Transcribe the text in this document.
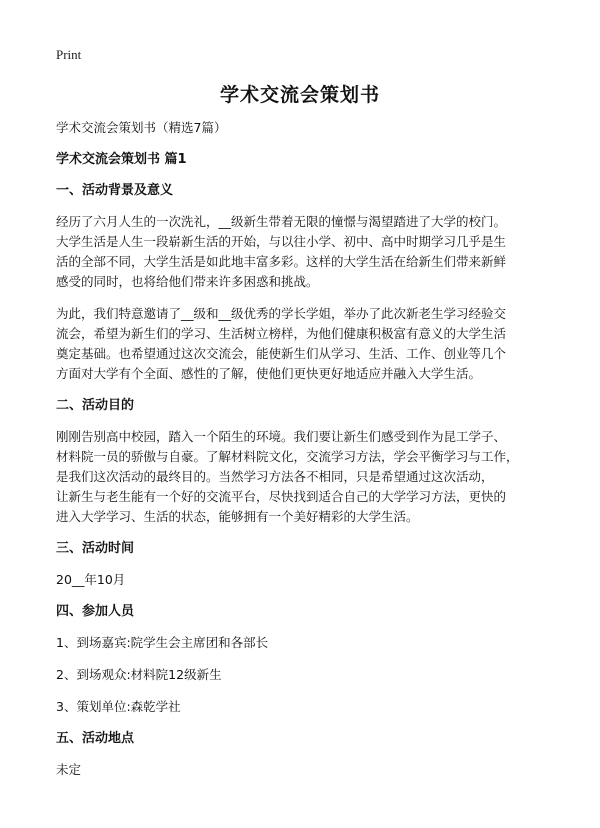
Print
学术交流会策划书
学术交流会策划书（精选7篇）
学术交流会策划书 篇1
一、活动背景及意义
经历了六月人生的一次洗礼，__级新生带着无限的憧憬与渴望踏进了大学的校门。
大学生活是人生一段崭新生活的开始，与以往小学、初中、高中时期学习几乎是生
活的全部不同，大学生活是如此地丰富多彩。这样的大学生活在给新生们带来新鲜
感受的同时，也将给他们带来许多困惑和挑战。
为此，我们特意邀请了__级和__级优秀的学长学姐，举办了此次新老生学习经验交
流会，希望为新生们的学习、生活树立榜样，为他们健康积极富有意义的大学生活
奠定基础。也希望通过这次交流会，能使新生们从学习、生活、工作、创业等几个
方面对大学有个全面、感性的了解，使他们更快更好地适应并融入大学生活。
二、活动目的
刚刚告别高中校园，踏入一个陌生的环境。我们要让新生们感受到作为昆工学子、
材料院一员的骄傲与自豪。了解材料院文化，交流学习方法，学会平衡学习与工作，
是我们这次活动的最终目的。当然学习方法各不相同，只是希望通过这次活动，
让新生与老生能有一个好的交流平台，尽快找到适合自己的大学学习方法，更快的
进入大学学习、生活的状态，能够拥有一个美好精彩的大学生活。
三、活动时间
20__年10月
四、参加人员
1、到场嘉宾:院学生会主席团和各部长
2、到场观众:材料院12级新生
3、策划单位:森乾学社
五、活动地点
未定
